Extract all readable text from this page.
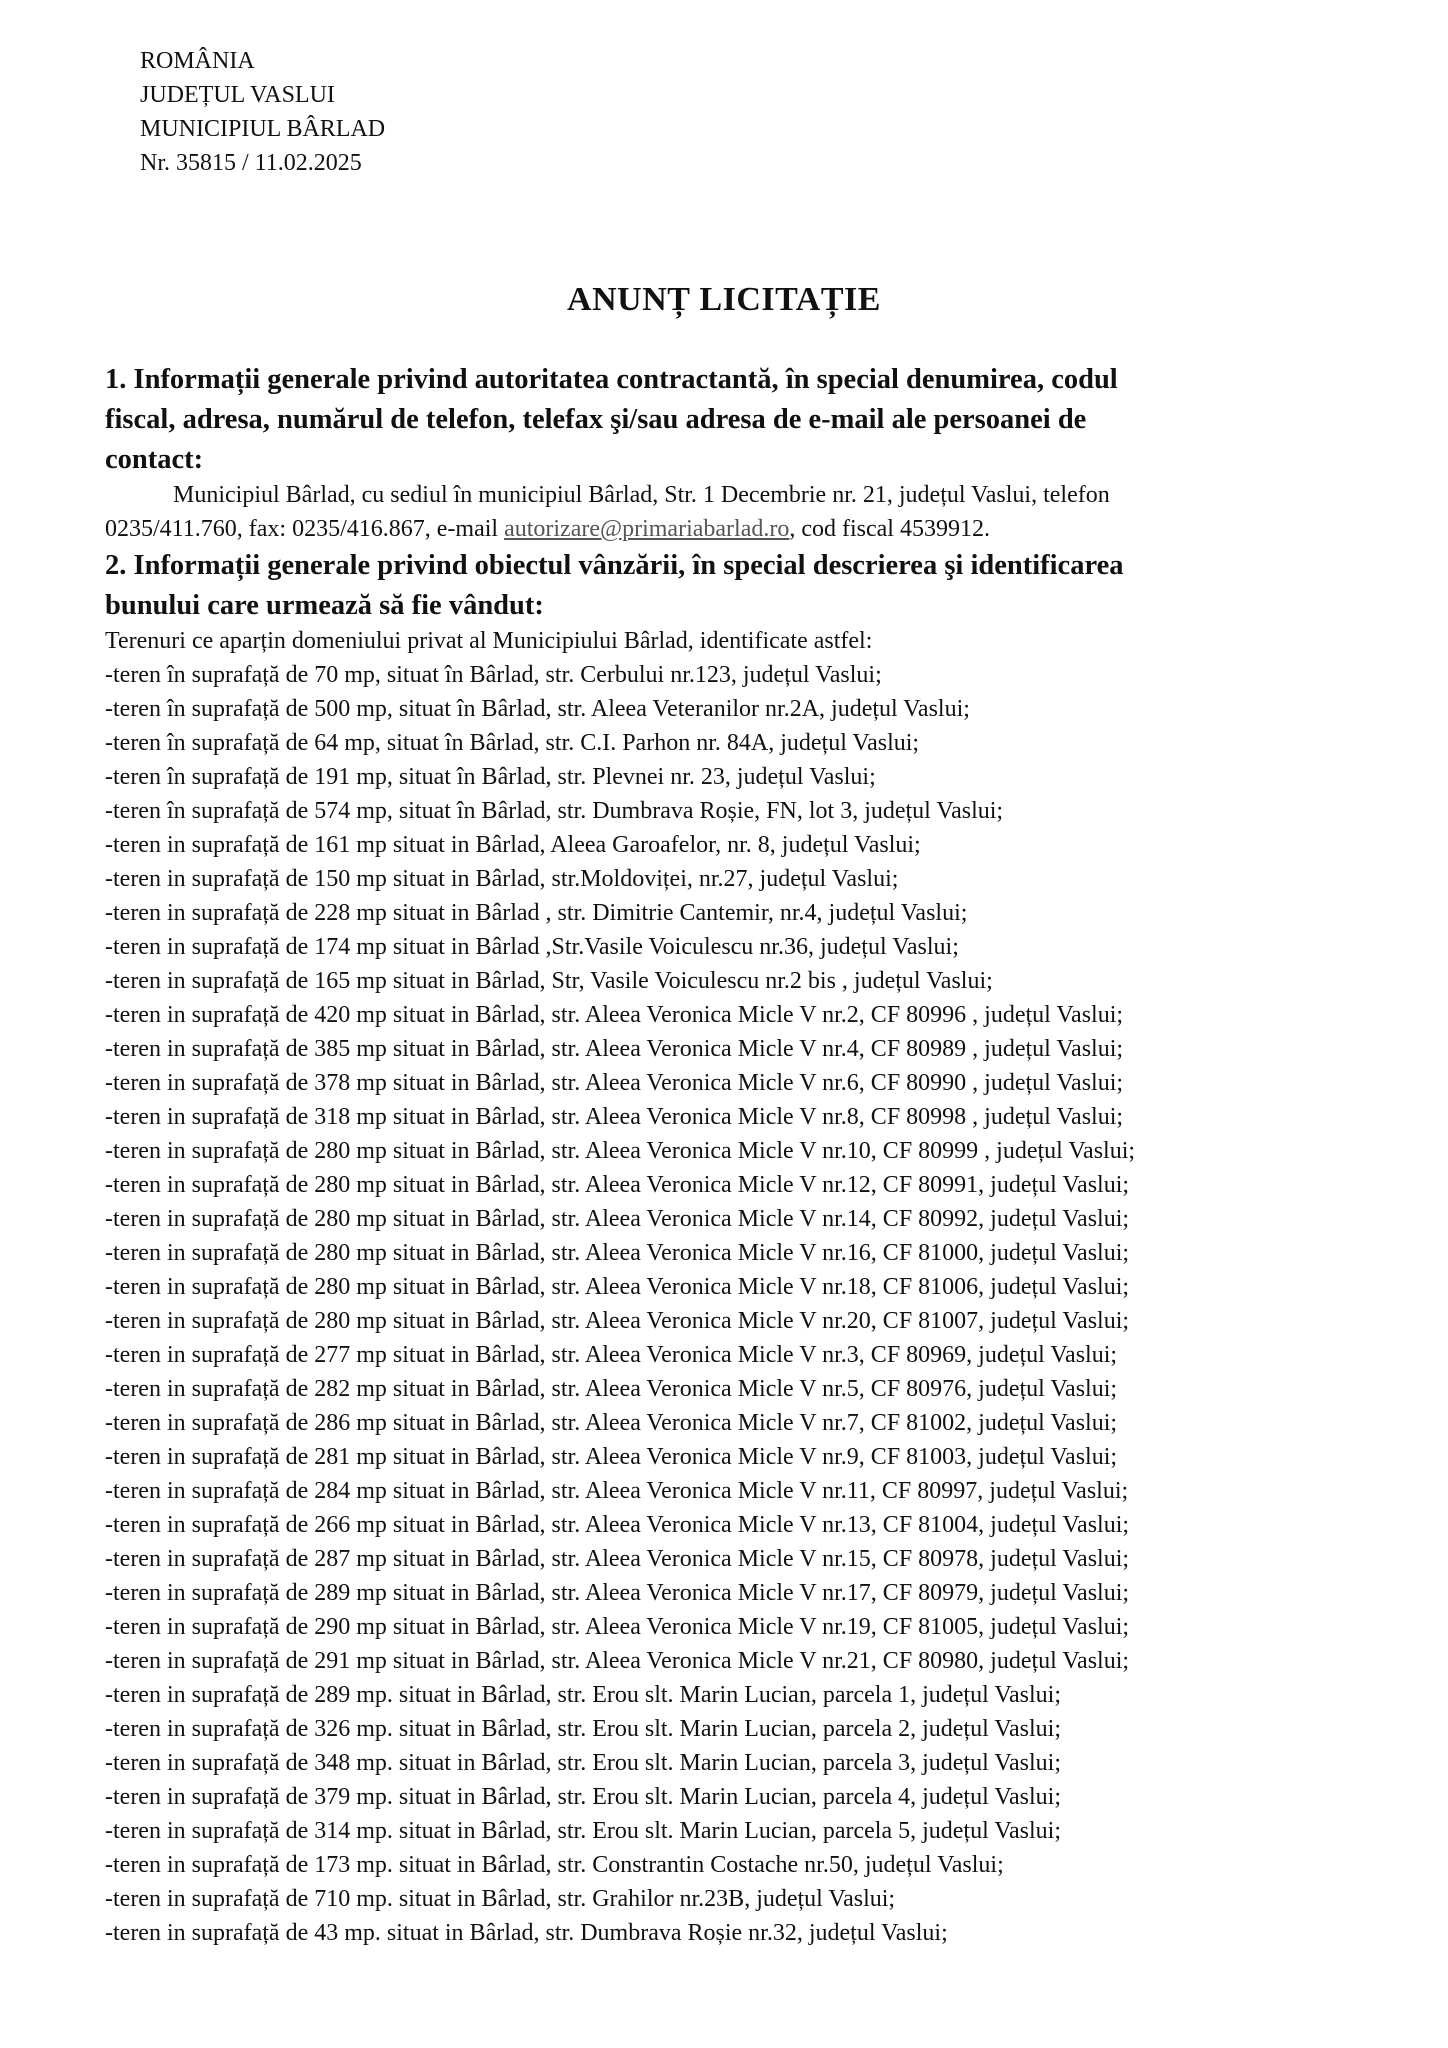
ROMÂNIA
JUDEȚUL VASLUI
MUNICIPIUL BÂRLAD
Nr. 35815 / 11.02.2025
ANUNȚ LICITAȚIE
1. Informații generale privind autoritatea contractantă, în special denumirea, codul
fiscal, adresa, numărul de telefon, telefax şi/sau adresa de e-mail ale persoanei de
contact:
Municipiul Bârlad, cu sediul în municipiul Bârlad, Str. 1 Decembrie nr. 21, județul Vaslui, telefon
0235/411.760, fax: 0235/416.867, e-mail autorizare@primariabarlad.ro, cod fiscal 4539912.
2. Informații generale privind obiectul vânzării, în special descrierea şi identificarea
bunului care urmează să fie vândut:
Terenuri ce aparțin domeniului privat al Municipiului Bârlad, identificate astfel:
-teren în suprafață de 70 mp, situat în Bârlad, str. Cerbului nr.123, județul Vaslui;
-teren în suprafață de 500 mp, situat în Bârlad, str. Aleea Veteranilor nr.2A, județul Vaslui;
-teren în suprafață de 64 mp, situat în Bârlad, str. C.I. Parhon nr. 84A, județul Vaslui;
-teren în suprafață de 191 mp, situat în Bârlad, str. Plevnei nr. 23, județul Vaslui;
-teren în suprafață de 574 mp, situat în Bârlad, str. Dumbrava Roșie, FN, lot 3, județul Vaslui;
-teren in suprafață de 161 mp situat in Bârlad, Aleea Garoafelor, nr. 8, județul Vaslui;
-teren in suprafață de 150 mp situat in Bârlad, str.Moldoviței, nr.27, județul Vaslui;
-teren in suprafață de 228 mp situat in Bârlad , str. Dimitrie Cantemir, nr.4, județul Vaslui;
-teren in suprafață de 174 mp situat in Bârlad ,Str.Vasile Voiculescu nr.36, județul Vaslui;
-teren in suprafață de 165 mp situat in Bârlad, Str, Vasile Voiculescu nr.2 bis , județul Vaslui;
-teren in suprafață de 420 mp situat in Bârlad, str. Aleea Veronica Micle V nr.2, CF 80996 , județul Vaslui;
-teren in suprafață de 385 mp situat in Bârlad, str. Aleea Veronica Micle V nr.4, CF 80989 , județul Vaslui;
-teren in suprafață de 378 mp situat in Bârlad, str. Aleea Veronica Micle V nr.6, CF 80990 , județul Vaslui;
-teren in suprafață de 318 mp situat in Bârlad, str. Aleea Veronica Micle V nr.8, CF 80998 , județul Vaslui;
-teren in suprafață de 280 mp situat in Bârlad, str. Aleea Veronica Micle V nr.10, CF 80999 , județul Vaslui;
-teren in suprafață de 280 mp situat in Bârlad, str. Aleea Veronica Micle V nr.12, CF 80991, județul Vaslui;
-teren in suprafață de 280 mp situat in Bârlad, str. Aleea Veronica Micle V nr.14, CF 80992, județul Vaslui;
-teren in suprafață de 280 mp situat in Bârlad, str. Aleea Veronica Micle V nr.16, CF 81000, județul Vaslui;
-teren in suprafață de 280 mp situat in Bârlad, str. Aleea Veronica Micle V nr.18, CF 81006, județul Vaslui;
-teren in suprafață de 280 mp situat in Bârlad, str. Aleea Veronica Micle V nr.20, CF 81007, județul Vaslui;
-teren in suprafață de 277 mp situat in Bârlad, str. Aleea Veronica Micle V nr.3, CF 80969, județul Vaslui;
-teren in suprafață de 282 mp situat in Bârlad, str. Aleea Veronica Micle V nr.5, CF 80976, județul Vaslui;
-teren in suprafață de 286 mp situat in Bârlad, str. Aleea Veronica Micle V nr.7, CF 81002, județul Vaslui;
-teren in suprafață de 281 mp situat in Bârlad, str. Aleea Veronica Micle V nr.9, CF 81003, județul Vaslui;
-teren in suprafață de 284 mp situat in Bârlad, str. Aleea Veronica Micle V nr.11, CF 80997, județul Vaslui;
-teren in suprafață de 266 mp situat in Bârlad, str. Aleea Veronica Micle V nr.13, CF 81004, județul Vaslui;
-teren in suprafață de 287 mp situat in Bârlad, str. Aleea Veronica Micle V nr.15, CF 80978, județul Vaslui;
-teren in suprafață de 289 mp situat in Bârlad, str. Aleea Veronica Micle V nr.17, CF 80979, județul Vaslui;
-teren in suprafață de 290 mp situat in Bârlad, str. Aleea Veronica Micle V nr.19, CF 81005, județul Vaslui;
-teren in suprafață de 291 mp situat in Bârlad, str. Aleea Veronica Micle V nr.21, CF 80980, județul Vaslui;
-teren in suprafață de 289 mp. situat in Bârlad, str. Erou slt. Marin Lucian, parcela 1, județul Vaslui;
-teren in suprafață de 326 mp. situat in Bârlad, str. Erou slt. Marin Lucian, parcela 2, județul Vaslui;
-teren in suprafață de 348 mp. situat in Bârlad, str. Erou slt. Marin Lucian, parcela 3, județul Vaslui;
-teren in suprafață de 379 mp. situat in Bârlad, str. Erou slt. Marin Lucian, parcela 4, județul Vaslui;
-teren in suprafață de 314 mp. situat in Bârlad, str. Erou slt. Marin Lucian, parcela 5, județul Vaslui;
-teren in suprafață de 173 mp. situat in Bârlad, str. Constrantin Costache nr.50, județul Vaslui;
-teren in suprafață de 710 mp. situat in Bârlad, str. Grahilor nr.23B, județul Vaslui;
-teren in suprafață de 43 mp. situat in Bârlad, str. Dumbrava Roșie nr.32, județul Vaslui;
